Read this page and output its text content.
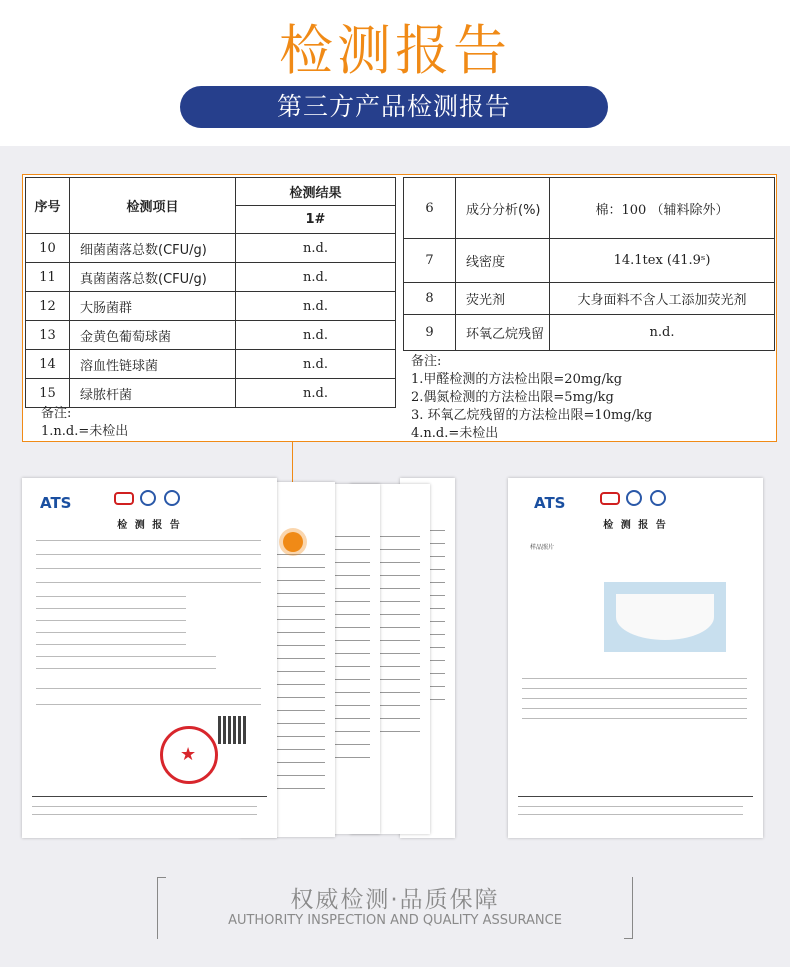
检测报告
第三方产品检测报告
序号	检测项目	检测结果
		1#
10	细菌菌落总数(CFU/g)	n.d.
11	真菌菌落总数(CFU/g)	n.d.
12	大肠菌群	n.d.
13	金黄色葡萄球菌	n.d.
14	溶血性链球菌	n.d.
15	绿脓杆菌	n.d.
备注:
1.n.d.=未检出
6	成分分析(%)	棉：100 （辅料除外）
7	线密度	14.1tex (41.9ˢ)
8	荧光剂	大身面料不含人工添加荧光剂
9	环氧乙烷残留	n.d.
备注:
1.甲醛检测的方法检出限=20mg/kg
2.偶氮检测的方法检出限=5mg/kg
3. 环氧乙烷残留的方法检出限=10mg/kg
4.n.d.=未检出
ATS
检 测 报 告
★
ATS
检 测 报 告
样品照片
权威检测·品质保障
AUTHORITY INSPECTION AND QUALITY ASSURANCE
